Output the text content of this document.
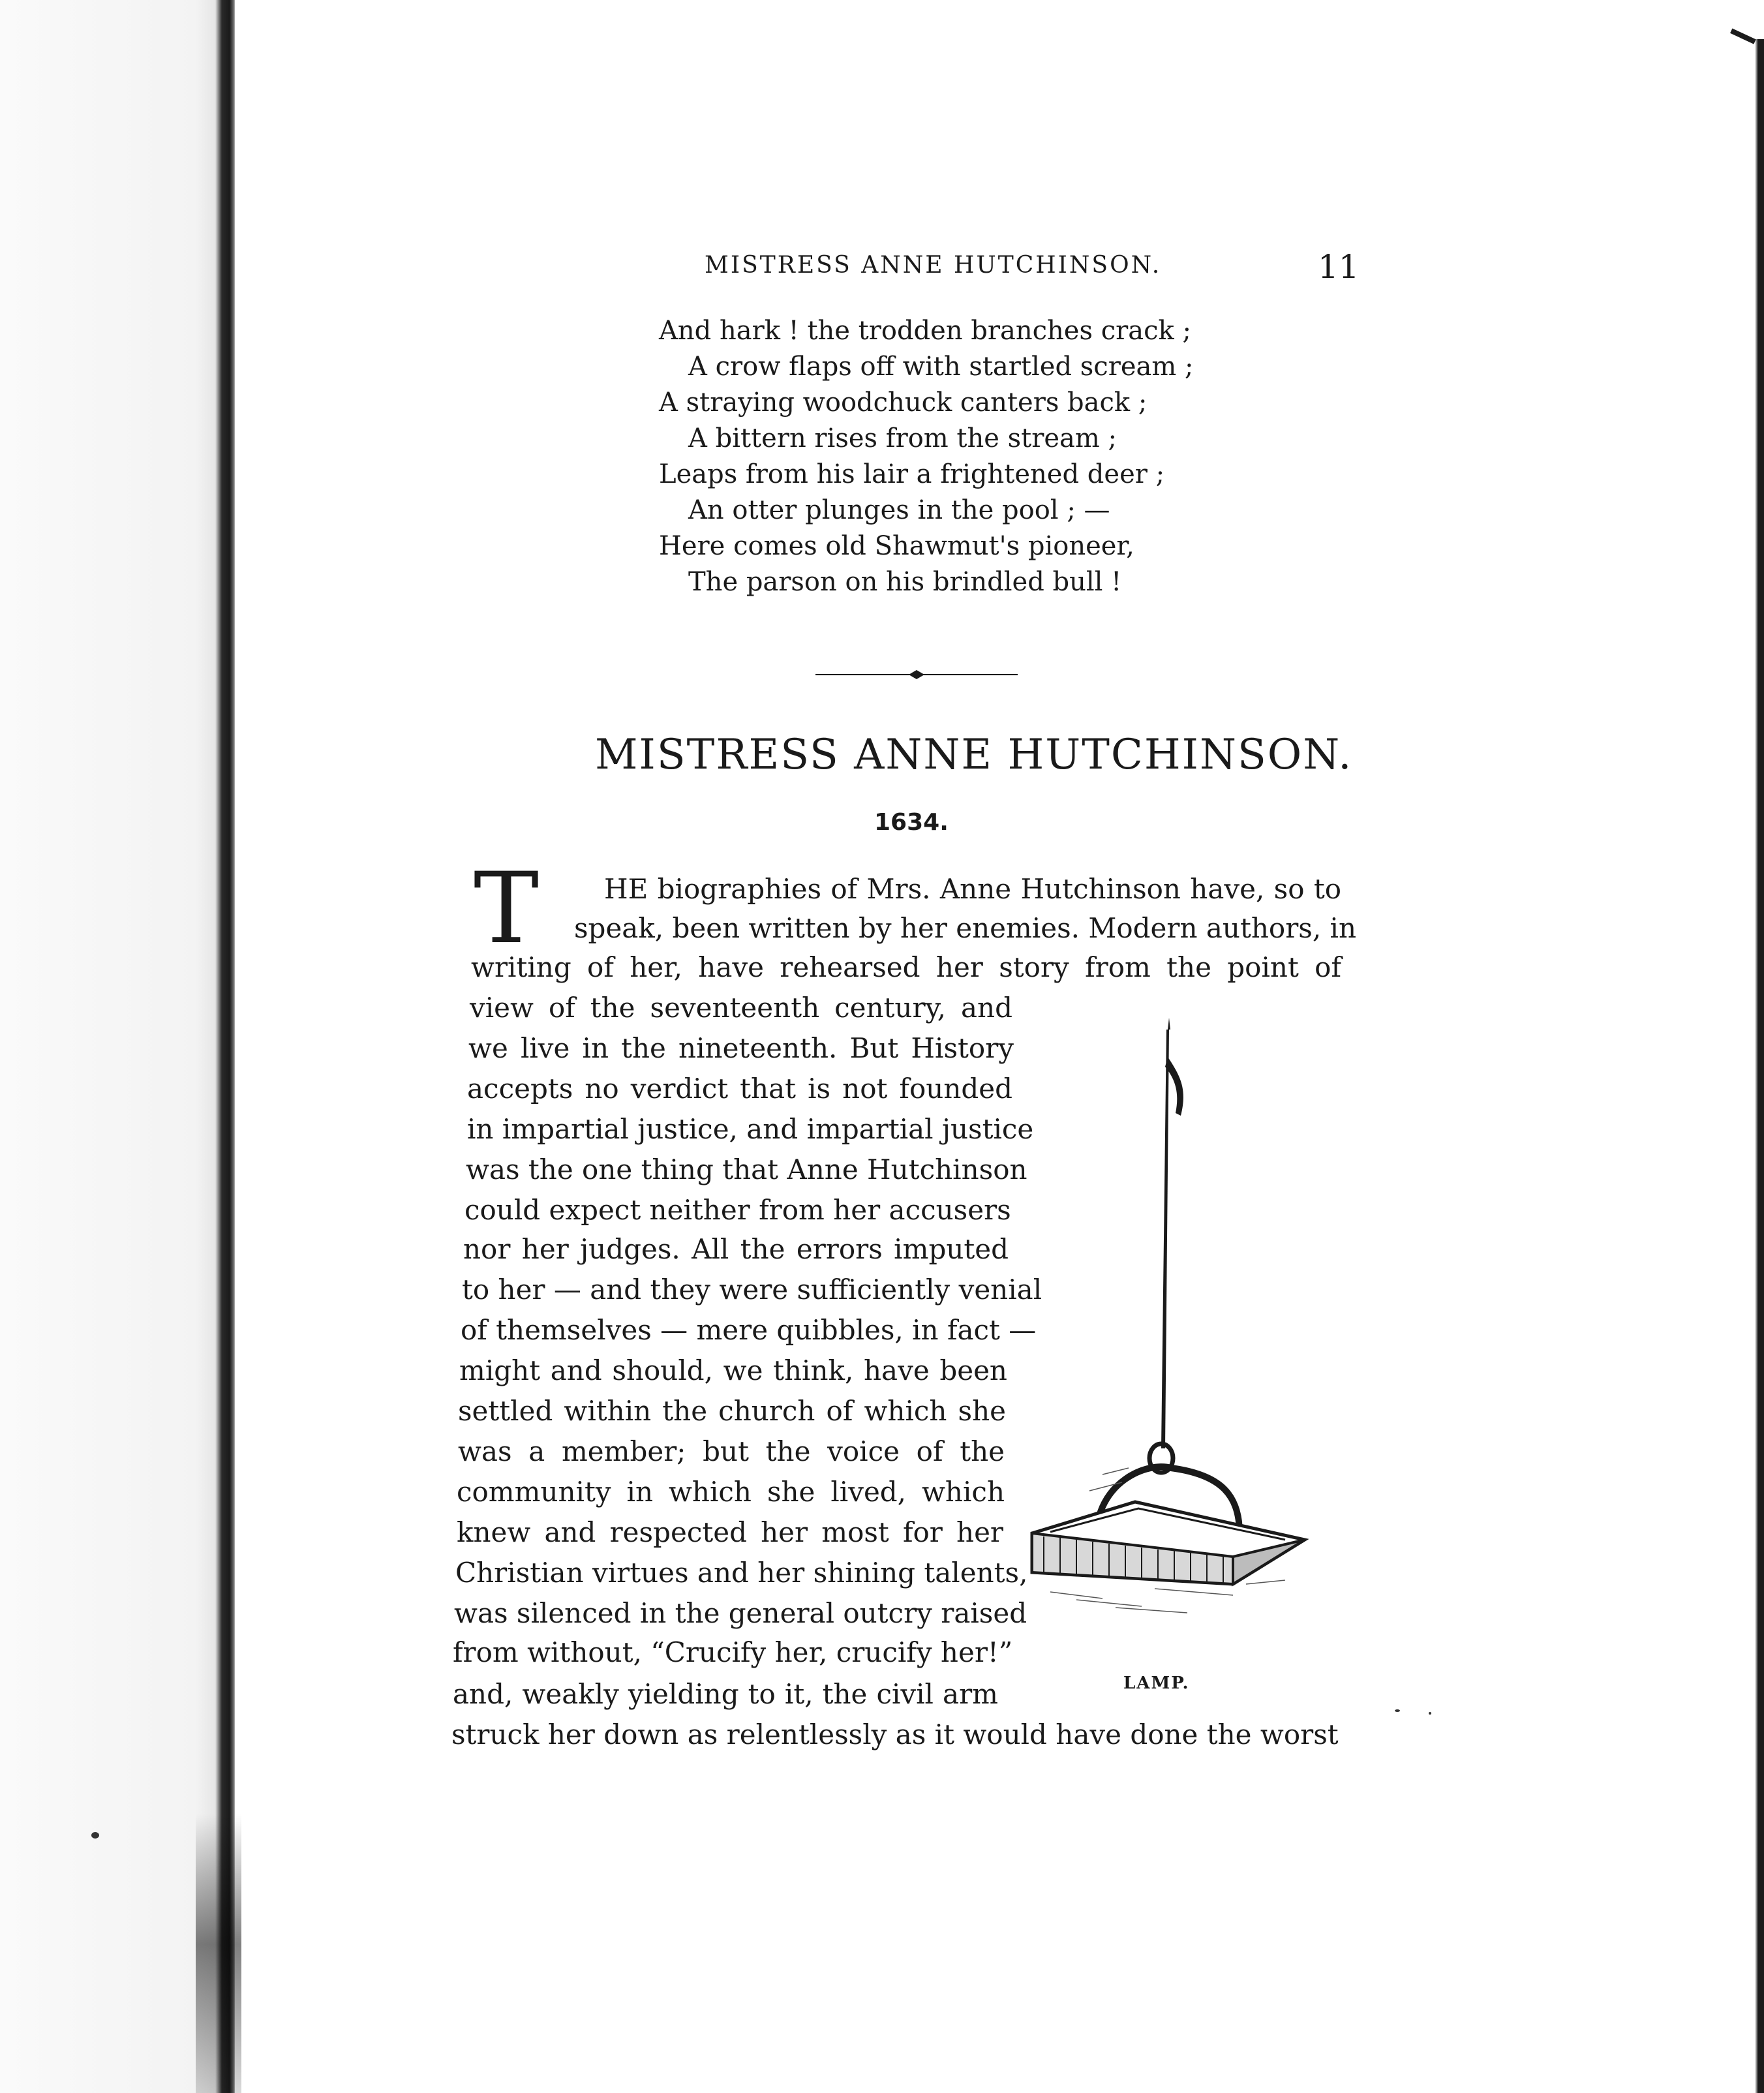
MISTRESS ANNE HUTCHINSON.	11
And hark ! the trodden branches crack ;
A crow flaps off with startled scream ;
A straying woodchuck canters back ;
A bittern rises from the stream ;
Leaps from his lair a frightened deer ;
An otter plunges in the pool ; —
Here comes old Shawmut's pioneer,
The parson on his brindled bull !
MISTRESS ANNE HUTCHINSON.
1634.
T HE biographies of Mrs. Anne Hutchinson have, so to
speak, been written by her enemies. Modern authors, in
writing of her, have rehearsed her story from the point of
view of the seventeenth century, and
we live in the nineteenth. But History
accepts no verdict that is not founded
in impartial justice, and impartial justice
was the one thing that Anne Hutchinson
could expect neither from her accusers
nor her judges. All the errors imputed
to her — and they were sufficiently venial
of themselves — mere quibbles, in fact —
might and should, we think, have been
settled within the church of which she
was a member; but the voice of the
community in which she lived, which
knew and respected her most for her
Christian virtues and her shining talents,
was silenced in the general outcry raised
from without, “Crucify her, crucify her!”
and, weakly yielding to it, the civil arm
struck her down as relentlessly as it would have done the worst
LAMP.
